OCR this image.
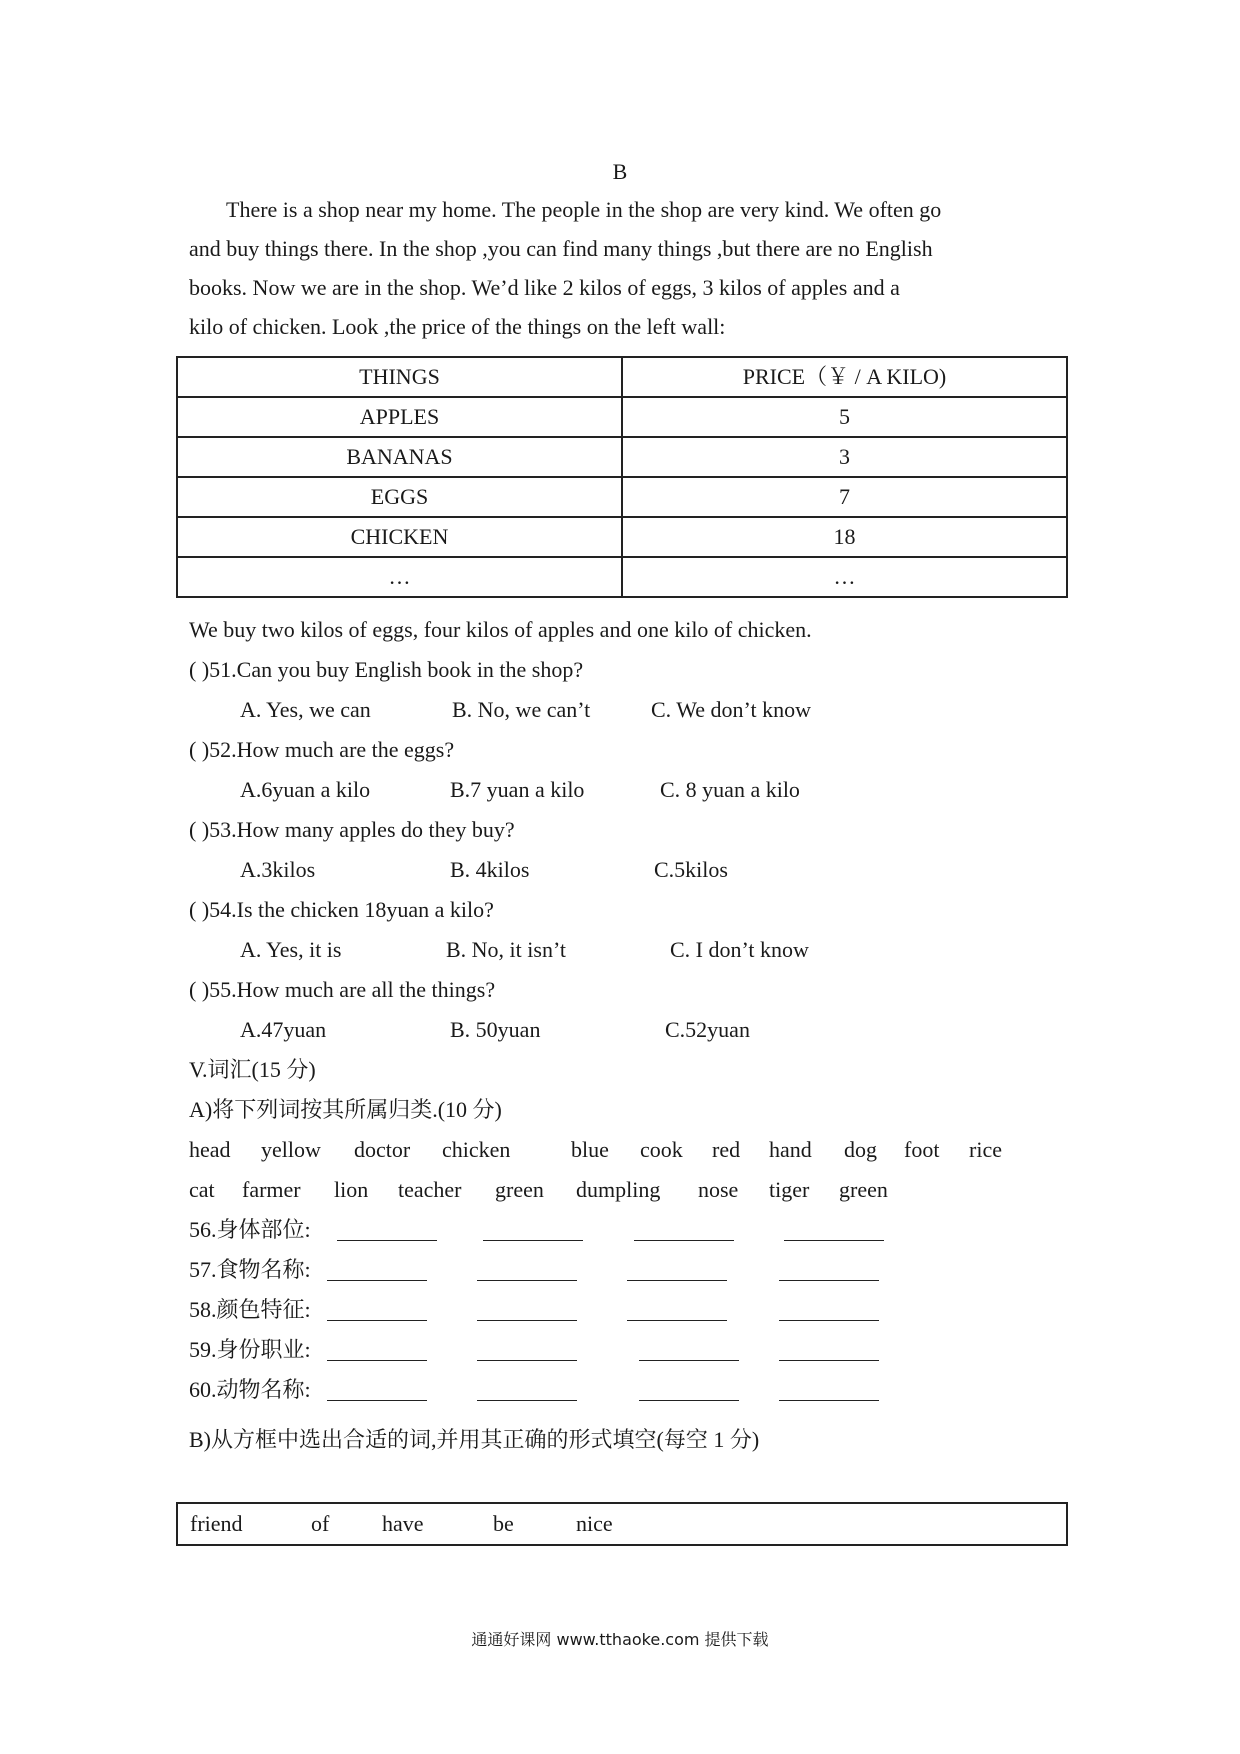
B
There is a shop near my home. The people in the shop are very kind. We often go
and buy things there. In the shop ,you can find many things ,but there are no English
books. Now we are in the shop. We’d like 2 kilos of eggs, 3 kilos of apples and a
kilo of chicken. Look ,the price of the things on the left wall:
THINGS	PRICE（￥ / A KILO)
APPLES	5
BANANAS	3
EGGS	7
CHICKEN	18
…	…
We buy two kilos of eggs, four kilos of apples and one kilo of chicken.
( )51.Can you buy English book in the shop?
A. Yes, we can	B. No, we can’t	C. We don’t know
( )52.How much are the eggs?
A.6yuan a kilo	B.7 yuan a kilo	C. 8 yuan a kilo
( )53.How many apples do they buy?
A.3kilos	B. 4kilos	C.5kilos
( )54.Is the chicken 18yuan a kilo?
A. Yes, it is	B. No, it isn’t	C. I don’t know
( )55.How much are all the things?
A.47yuan	B. 50yuan	C.52yuan
V.词汇(15 分)
A)将下列词按其所属归类.(10 分)
head yellow doctor chicken	blue cook red hand dog foot rice
cat farmer lion teacher green dumpling nose tiger green
56.身体部位:
57.食物名称:
58.颜色特征:
59.身份职业:
60.动物名称:
B)从方框中选出合适的词,并用其正确的形式填空(每空 1 分)
friend	of have	be	nice
通通好课网 www.tthaoke.com 提供下载
